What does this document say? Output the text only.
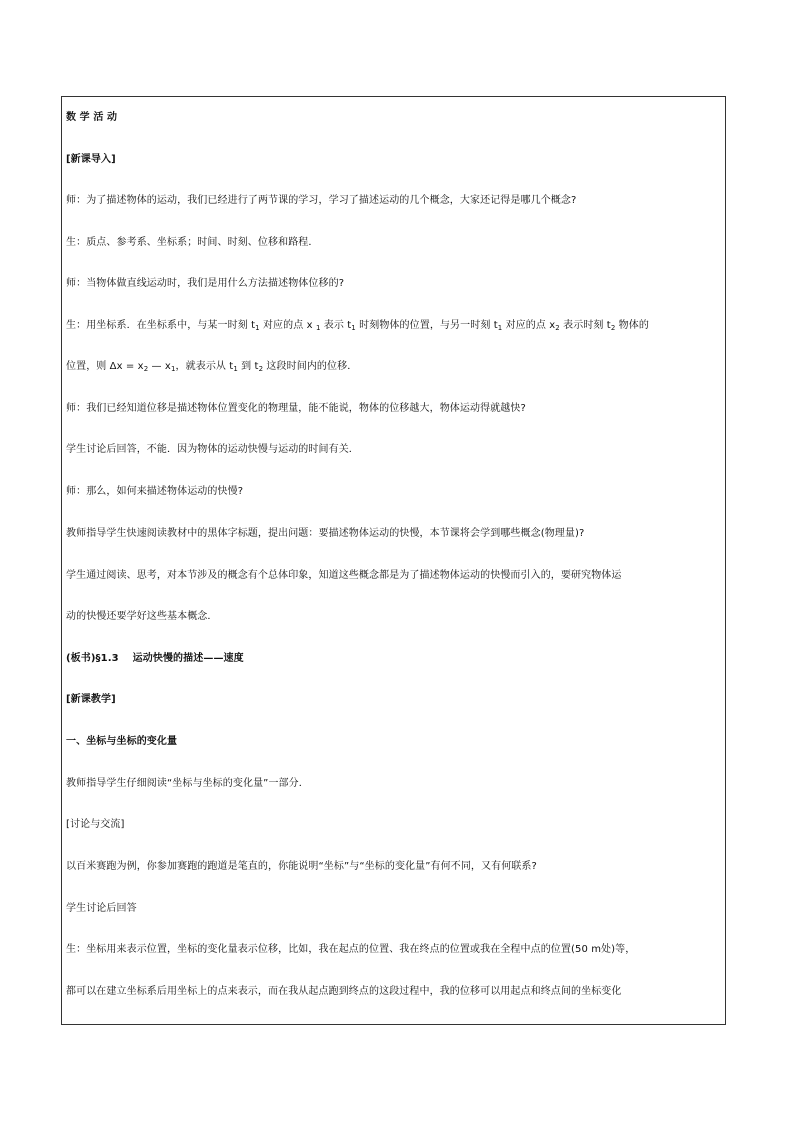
数 学 活 动
[新课导入]
师：为了描述物体的运动，我们已经进行了两节课的学习，学习了描述运动的几个概念，大家还记得是哪几个概念?
生：质点、参考系、坐标系；时间、时刻、位移和路程．
师：当物体做直线运动时，我们是用什么方法描述物体位移的?
生：用坐标系．在坐标系中，与某一时刻 $t_1$ 对应的点 x $_1$ 表示 $t_1$ 时刻物体的位置，与另一时刻 $t_1$ 对应的点 $x_2$ 表示时刻 $t_2$ 物体的
位置，则 $\Delta x = x_2$ — $x_1$，就表示从 $t_1$ 到 $t_2$ 这段时间内的位移．
师：我们已经知道位移是描述物体位置变化的物理量，能不能说，物体的位移越大，物体运动得就越快?
学生讨论后回答，不能．因为物体的运动快慢与运动的时间有关．
师：那么，如何来描述物体运动的快慢?
教师指导学生快速阅读教材中的黑体字标题，提出问题：要描述物体运动的快慢，本节课将会学到哪些概念(物理量)?
学生通过阅读、思考，对本节涉及的概念有个总体印象，知道这些概念都是为了描述物体运动的快慢而引入的，要研究物体运
动的快慢还要学好这些基本概念．
(板书)§1.3 运动快慢的描述——速度
[新课教学]
一、坐标与坐标的变化量
教师指导学生仔细阅读“坐标与坐标的变化量”一部分．
[讨论与交流]
以百米赛跑为例，你参加赛跑的跑道是笔直的，你能说明“坐标”与“坐标的变化量”有何不同，又有何联系?
学生讨论后回答
生：坐标用来表示位置，坐标的变化量表示位移，比如，我在起点的位置、我在终点的位置或我在全程中点的位置(50 m处)等，
都可以在建立坐标系后用坐标上的点来表示，而在我从起点跑到终点的这段过程中，我的位移可以用起点和终点间的坐标变化
